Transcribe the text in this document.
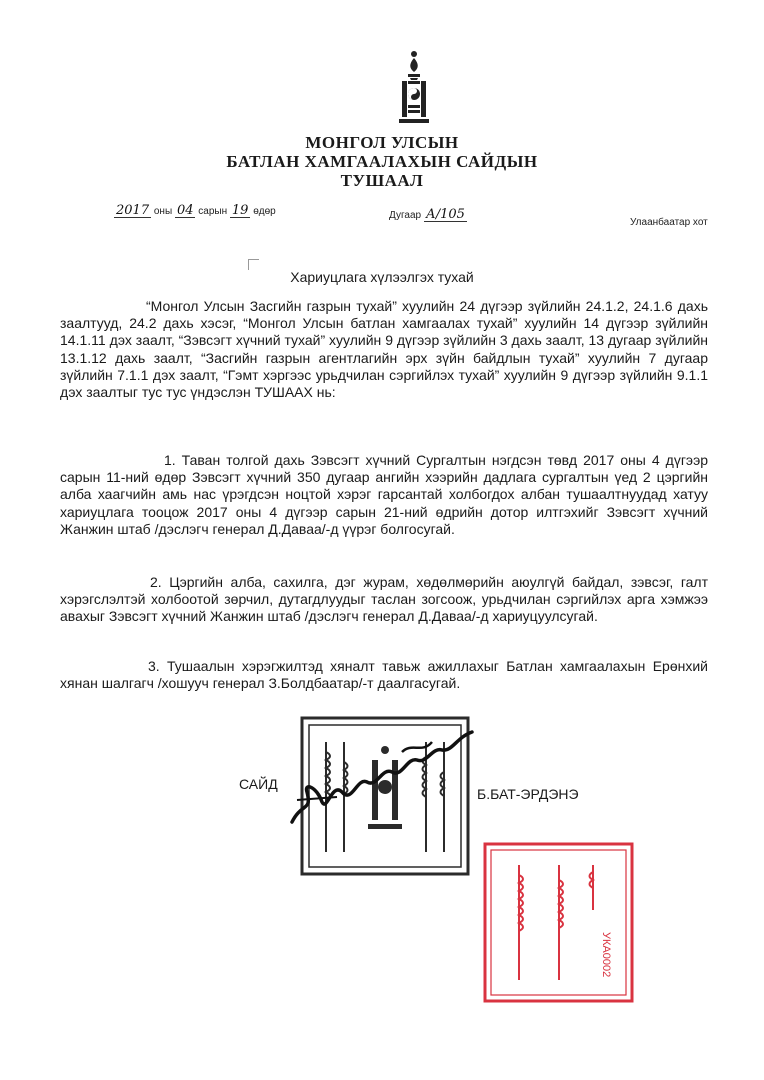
МОНГОЛ УЛСЫН
БАТЛАН ХАМГААЛАХЫН САЙДЫН
ТУШААЛ
2017 оны 04 сарын 19 өдөр	Дугаар А/105
Улаанбаатар хот
Хариуцлага хүлээлгэх тухай

“Монгол Улсын Засгийн газрын тухай” хуулийн 24 дүгээр зүйлийн 24.1.2, 24.1.6 дахь заалтууд, 24.2 дахь хэсэг, “Монгол Улсын батлан хамгаалах тухай” хуулийн 14 дүгээр зүйлийн 14.1.11 дэх заалт, “Зэвсэгт хүчний тухай” хуулийн 9 дүгээр зүйлийн 3 дахь заалт, 13 дугаар зүйлийн 13.1.12 дахь заалт, “Засгийн газрын агентлагийн эрх зүйн байдлын тухай” хуулийн 7 дугаар зүйлийн 7.1.1 дэх заалт, “Гэмт хэргээс урьдчилан сэргийлэх тухай” хуулийн 9 дүгээр зүйлийн 9.1.1 дэх заалтыг тус тус үндэслэн ТУШААХ нь:

1. Таван толгой дахь Зэвсэгт хүчний Сургалтын нэгдсэн төвд 2017 оны 4 дүгээр сарын 11-ний өдөр Зэвсэгт хүчний 350 дугаар ангийн хээрийн дадлага сургалтын үед 2 цэргийн алба хаагчийн амь нас үрэгдсэн ноцтой хэрэг гарсантай холбогдох албан тушаалтнуудад хатуу хариуцлага тооцож 2017 оны 4 дүгээр сарын 21-ний өдрийн дотор илтгэхийг Зэвсэгт хүчний Жанжин штаб /дэслэгч генерал Д.Даваа/-д үүрэг болгосугай.

2. Цэргийн алба, сахилга, дэг журам, хөдөлмөрийн аюулгүй байдал, зэвсэг, галт хэрэгслэлтэй холбоотой зөрчил, дутагдлуудыг таслан зогсоож, урьдчилан сэргийлэх арга хэмжээ авахыг Зэвсэгт хүчний Жанжин штаб /дэслэгч генерал Д.Даваа/-д хариуцуулсугай.

3. Тушаалын хэрэгжилтэд хяналт тавьж ажиллахыг Батлан хамгаалахын Ерөнхий хянан шалгагч /хошууч генерал З.Болдбаатар/-т даалгасугай.

САЙД
Б.БАТ-ЭРДЭНЭ
УКА0002
